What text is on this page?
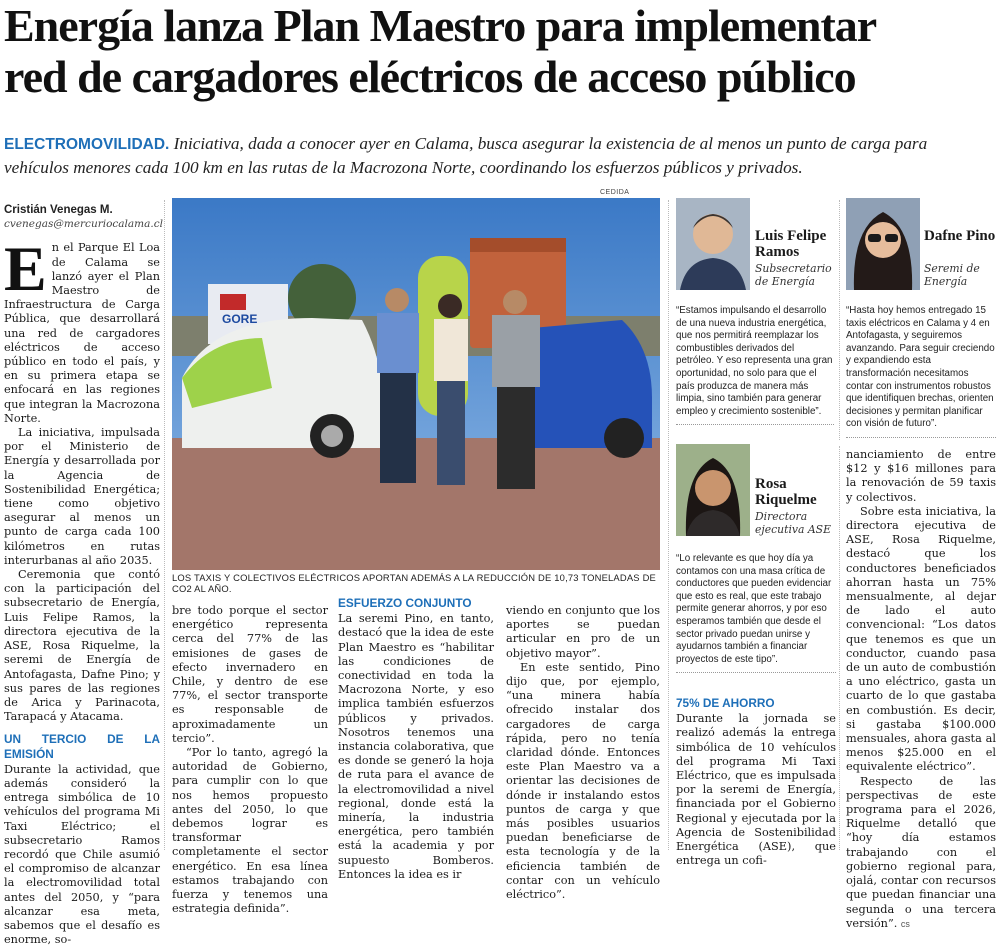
Energía lanza Plan Maestro para implementar
red de cargadores eléctricos de acceso público
ELECTROMOVILIDAD. Iniciativa, dada a conocer ayer en Calama, busca asegurar la existencia de al menos un punto de carga para vehículos menores cada 100 km en las rutas de la Macrozona Norte, coordinando los esfuerzos públicos y privados.
Cristián Venegas M.
cvenegas@mercuriocalama.cl

En el Parque El Loa de Calama se lanzó ayer el Plan Maestro de Infraestructura de Carga Pública, que desarrollará una red de cargadores eléctricos de acceso público en todo el país, y en su primera etapa se enfocará en las regiones que integran la Macrozona Norte.

La iniciativa, impulsada por el Ministerio de Energía y desarrollada por la Agencia de Sostenibilidad Energética; tiene como objetivo asegurar al menos un punto de carga cada 100 kilómetros en rutas interurbanas al año 2035.

Ceremonia que contó con la participación del subsecretario de Energía, Luis Felipe Ramos, la directora ejecutiva de la ASE, Rosa Riquelme, la seremi de Energía de Antofagasta, Dafne Pino; y sus pares de las regiones de Arica y Parinacota, Tarapacá y Atacama.

UN TERCIO DE LA EMISIÓN

Durante la actividad, que además consideró la entrega simbólica de 10 vehículos del programa Mi Taxi Eléctrico; el subsecretario Ramos recordó que Chile asumió el compromiso de alcanzar la electromovilidad total antes del 2050, y “para alcanzar esa meta, sabemos que el desafío es enorme, so-

CEDIDA
GORE
LOS TAXIS Y COLECTIVOS ELÉCTRICOS APORTAN ADEMÁS A LA REDUCCIÓN DE 10,73 TONELADAS DE CO2 AL AÑO.

bre todo porque el sector energético representa cerca del 77% de las emisiones de gases de efecto invernadero en Chile, y dentro de ese 77%, el sector transporte es responsable de aproximadamente un tercio”.

“Por lo tanto, agregó la autoridad de Gobierno, para cumplir con lo que nos hemos propuesto antes del 2050, lo que debemos lograr es transformar completamente el sector energético. En esa línea estamos trabajando con fuerza y tenemos una estrategia definida”.

ESFUERZO CONJUNTO

La seremi Pino, en tanto, destacó que la idea de este Plan Maestro es “habilitar las condiciones de conectividad en toda la Macrozona Norte, y eso implica también esfuerzos públicos y privados. Nosotros tenemos una instancia colaborativa, que es donde se generó la hoja de ruta para el avance de la electromovilidad a nivel regional, donde está la minería, la industria energética, pero también está la academia y por supuesto Bomberos. Entonces la idea es ir

viendo en conjunto que los aportes se puedan articular en pro de un objetivo mayor”.

En este sentido, Pino dijo que, por ejemplo, “una minera había ofrecido instalar dos cargadores de carga rápida, pero no tenía claridad dónde. Entonces este Plan Maestro va a orientar las decisiones de dónde ir instalando estos puntos de carga y que más posibles usuarios puedan beneficiarse de esta tecnología y de la eficiencia también de contar con un vehículo eléctrico”.

Luis Felipe Ramos
Subsecretario de Energía
“Estamos impulsando el desarrollo de una nueva industria energética, que nos permitirá reemplazar los combustibles derivados del petróleo. Y eso representa una gran oportunidad, no solo para que el país produzca de manera más limpia, sino también para generar empleo y crecimiento sostenible”.
Dafne Pino
Seremi de Energía
“Hasta hoy hemos entregado 15 taxis eléctricos en Calama y 4 en Antofagasta, y seguiremos avanzando. Para seguir creciendo y expandiendo esta transformación necesitamos contar con instrumentos robustos que identifiquen brechas, orienten decisiones y permitan planificar con visión de futuro”.
Rosa Riquelme
Directora ejecutiva ASE
“Lo relevante es que hoy día ya contamos con una masa crítica de conductores que pueden evidenciar que esto es real, que este trabajo permite generar ahorros, y por eso esperamos también que desde el sector privado puedan unirse y ayudarnos también a financiar proyectos de este tipo”.
75% DE AHORRO

Durante la jornada se realizó además la entrega simbólica de 10 vehículos del programa Mi Taxi Eléctrico, que es impulsada por la seremi de Energía, financiada por el Gobierno Regional y ejecutada por la Agencia de Sostenibilidad Energética (ASE), que entrega un cofi-

nanciamiento de entre $12 y $16 millones para la renovación de 59 taxis y colectivos.

Sobre esta iniciativa, la directora ejecutiva de ASE, Rosa Riquelme, destacó que los conductores beneficiados ahorran hasta un 75% mensualmente, al dejar de lado el auto convencional: “Los datos que tenemos es que un conductor, cuando pasa de un auto de combustión a uno eléctrico, gasta un cuarto de lo que gastaba en combustión. Es decir, si gastaba $100.000 mensuales, ahora gasta al menos $25.000 en el equivalente eléctrico”.

Respecto de las perspectivas de este programa para el 2026, Riquelme detalló que “hoy día estamos trabajando con el gobierno regional para, ojalá, contar con recursos que puedan financiar una segunda o una tercera versión”. cs
